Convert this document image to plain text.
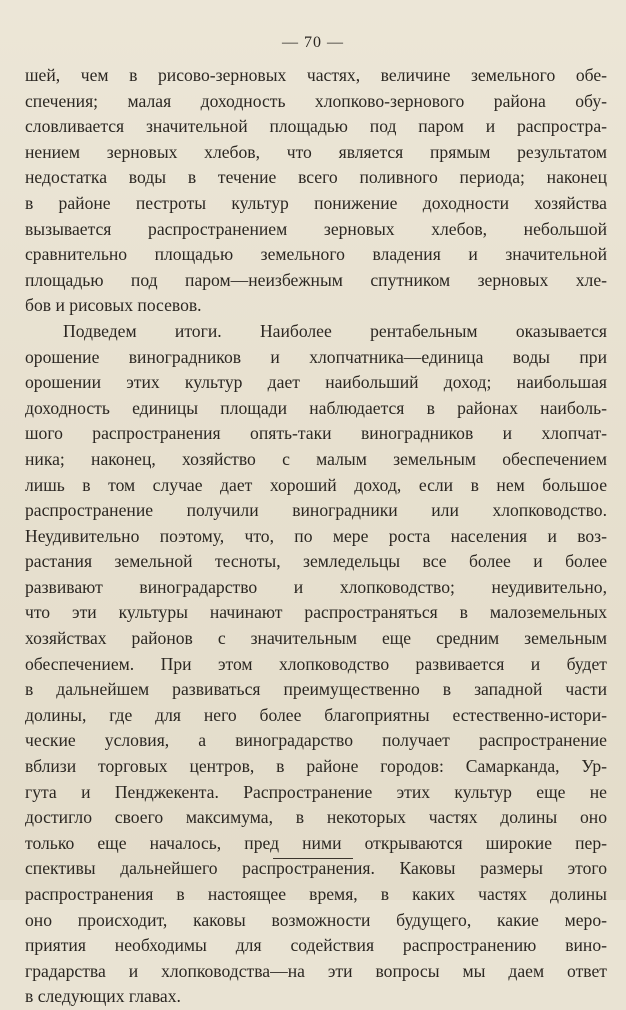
— 70 —
шей, чем в рисово-зерновых частях, величине земельного обе-
спечения; малая доходность хлопково-зернового района обу-
словливается значительной площадью под паром и распростра-
нением зерновых хлебов, что является прямым результатом
недостатка воды в течение всего поливного периода; наконец
в районе пестроты культур понижение доходности хозяйства
вызывается распространением зерновых хлебов, небольшой
сравнительно площадью земельного владения и значительной
площадью под паром—неизбежным спутником зерновых хле-
бов и рисовых посевов.
Подведем итоги. Наиболее рентабельным оказывается
орошение виноградников и хлопчатника—единица воды при
орошении этих культур дает наибольший доход; наибольшая
доходность единицы площади наблюдается в районах наиболь-
шого распространения опять-таки виноградников и хлопчат-
ника; наконец, хозяйство с малым земельным обеспечением
лишь в том случае дает хороший доход, если в нем большое
распространение получили виноградники или хлопководство.
Неудивительно поэтому, что, по мере роста населения и воз-
растания земельной тесноты, земледельцы все более и более
развивают виноградарство и хлопководство; неудивительно,
что эти культуры начинают распространяться в малоземельных
хозяйствах районов с значительным еще средним земельным
обеспечением. При этом хлопководство развивается и будет
в дальнейшем развиваться преимущественно в западной части
долины, где для него более благоприятны естественно-истори-
ческие условия, а виноградарство получает распространение
вблизи торговых центров, в районе городов: Самарканда, Ур-
гута и Пенджекента. Распространение этих культур еще не
достигло своего максимума, в некоторых частях долины оно
только еще началось, пред ними открываются широкие пер-
спективы дальнейшего распространения. Каковы размеры этого
распространения в настоящее время, в каких частях долины
оно происходит, каковы возможности будущего, какие меро-
приятия необходимы для содействия распространению вино-
градарства и хлопководства—на эти вопросы мы даем ответ
в следующих главах.
